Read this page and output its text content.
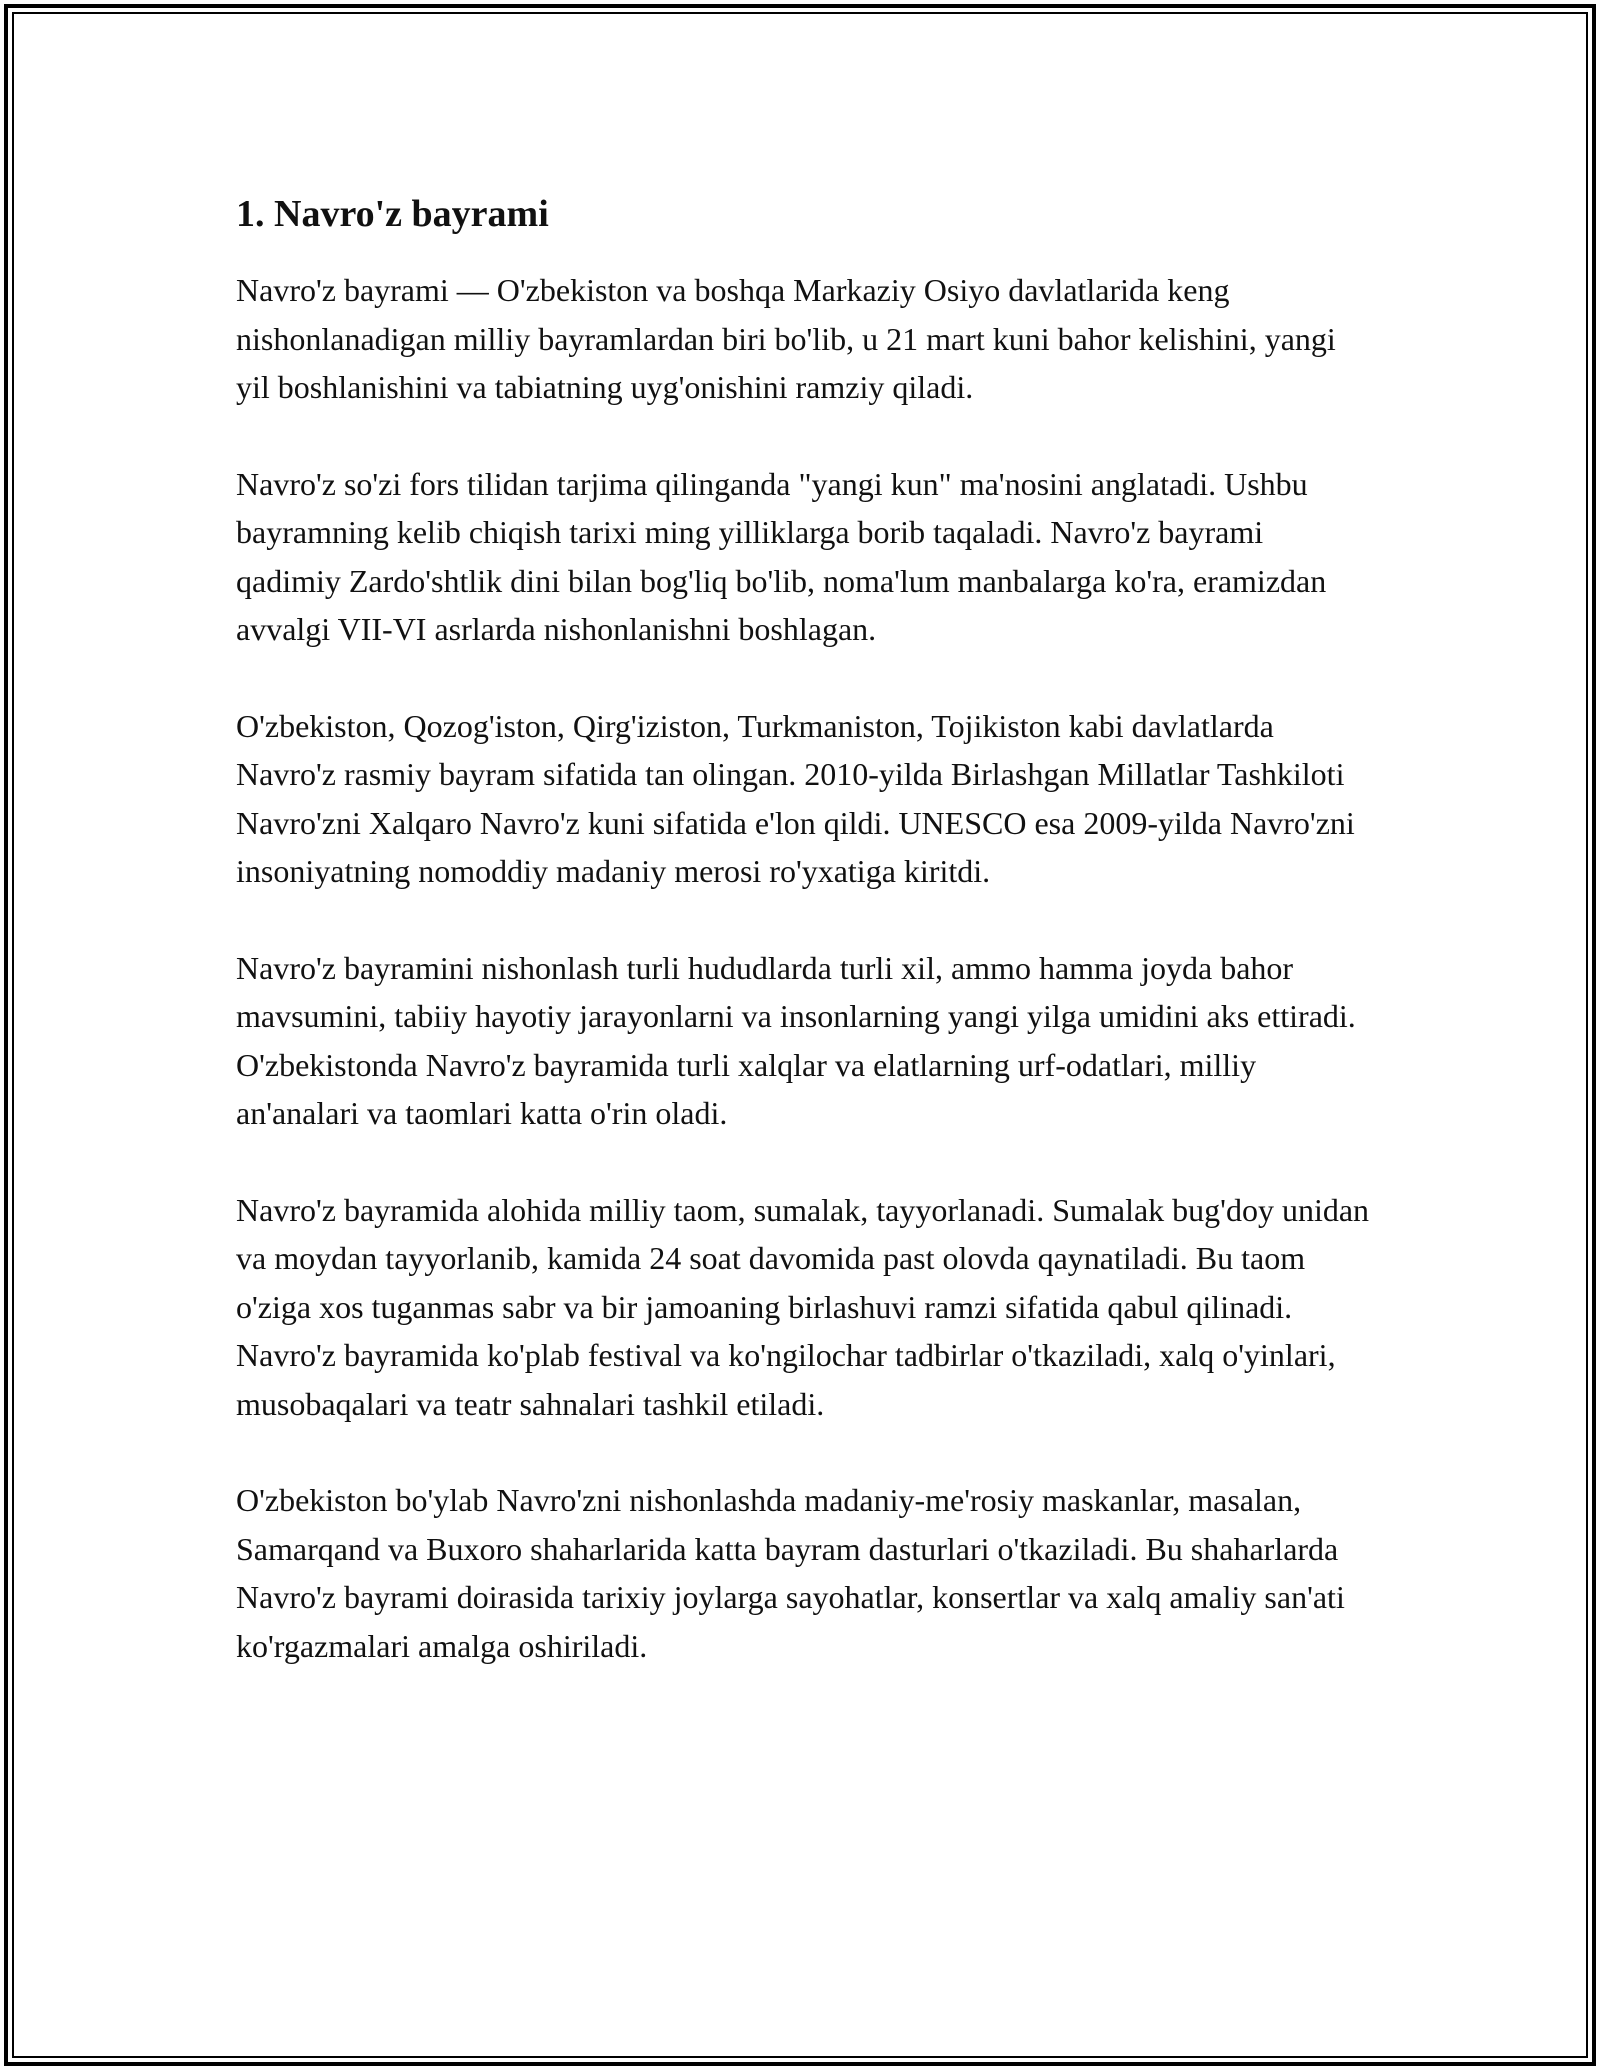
1. Navro'z bayrami

Navro'z bayrami — O'zbekiston va boshqa Markaziy Osiyo davlatlarida keng nishonlanadigan milliy bayramlardan biri bo'lib, u 21 mart kuni bahor kelishini, yangi yil boshlanishini va tabiatning uyg'onishini ramziy qiladi.

Navro'z so'zi fors tilidan tarjima qilinganda "yangi kun" ma'nosini anglatadi. Ushbu bayramning kelib chiqish tarixi ming yilliklarga borib taqaladi. Navro'z bayrami qadimiy Zardo'shtlik dini bilan bog'liq bo'lib, noma'lum manbalarga ko'ra, eramizdan avvalgi VII-VI asrlarda nishonlanishni boshlagan.

O'zbekiston, Qozog'iston, Qirg'iziston, Turkmaniston, Tojikiston kabi davlatlarda Navro'z rasmiy bayram sifatida tan olingan. 2010-yilda Birlashgan Millatlar Tashkiloti Navro'zni Xalqaro Navro'z kuni sifatida e'lon qildi. UNESCO esa 2009-yilda Navro'zni insoniyatning nomoddiy madaniy merosi ro'yxatiga kiritdi.

Navro'z bayramini nishonlash turli hududlarda turli xil, ammo hamma joyda bahor mavsumini, tabiiy hayotiy jarayonlarni va insonlarning yangi yilga umidini aks ettiradi. O'zbekistonda Navro'z bayramida turli xalqlar va elatlarning urf-odatlari, milliy an'analari va taomlari katta o'rin oladi.

Navro'z bayramida alohida milliy taom, sumalak, tayyorlanadi. Sumalak bug'doy unidan va moydan tayyorlanib, kamida 24 soat davomida past olovda qaynatiladi. Bu taom o'ziga xos tuganmas sabr va bir jamoaning birlashuvi ramzi sifatida qabul qilinadi. Navro'z bayramida ko'plab festival va ko'ngilochar tadbirlar o'tkaziladi, xalq o'yinlari, musobaqalari va teatr sahnalari tashkil etiladi.

O'zbekiston bo'ylab Navro'zni nishonlashda madaniy-me'rosiy maskanlar, masalan, Samarqand va Buxoro shaharlarida katta bayram dasturlari o'tkaziladi. Bu shaharlarda Navro'z bayrami doirasida tarixiy joylarga sayohatlar, konsertlar va xalq amaliy san'ati ko'rgazmalari amalga oshiriladi.
